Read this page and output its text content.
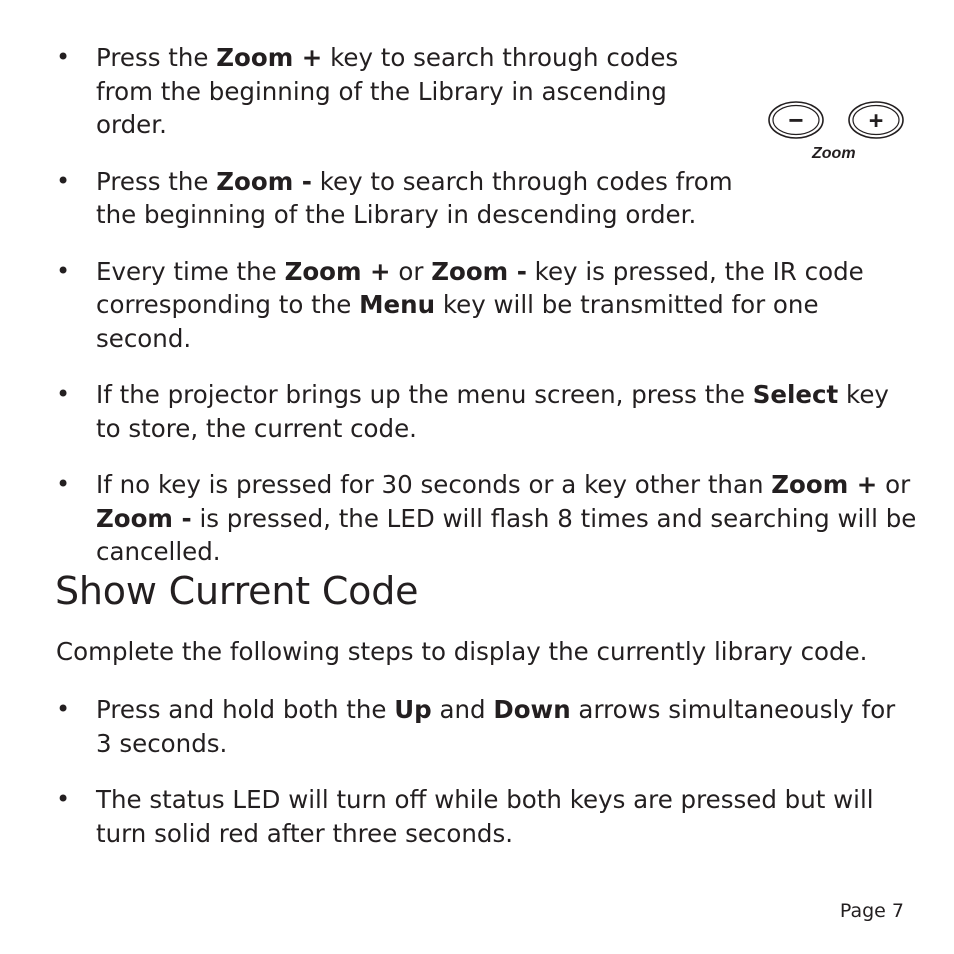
• Press the Zoom + key to search through codes from the beginning of the Library in ascending order.
• Press the Zoom - key to search through codes from the beginning of the Library in descending order.
• Every time the Zoom + or Zoom - key is pressed, the IR code corresponding to the Menu key will be transmitted for one second.
• If the projector brings up the menu screen, press the Select key to store, the current code.
• If no key is pressed for 30 seconds or a key other than Zoom + or Zoom - is pressed, the LED will flash 8 times and searching will be cancelled.
−	+
Zoom
Show Current Code

Complete the following steps to display the currently library code.

• Press and hold both the Up and Down arrows simultaneously for 3 seconds.
• The status LED will turn off while both keys are pressed but will turn solid red after three seconds.
Page 7
